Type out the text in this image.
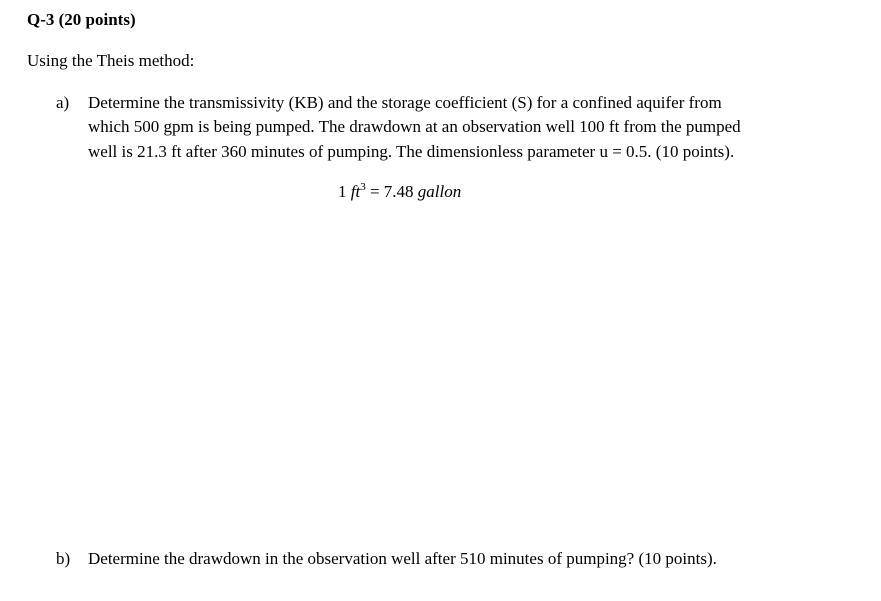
Q-3 (20 points)
Using the Theis method:
a) Determine the transmissivity (KB) and the storage coefficient (S) for a confined aquifer from
which 500 gpm is being pumped. The drawdown at an observation well 100 ft from the pumped
well is 21.3 ft after 360 minutes of pumping. The dimensionless parameter u = 0.5. (10 points).
1 $ft^3 = 7.48$ gallon
b) Determine the drawdown in the observation well after 510 minutes of pumping? (10 points).
